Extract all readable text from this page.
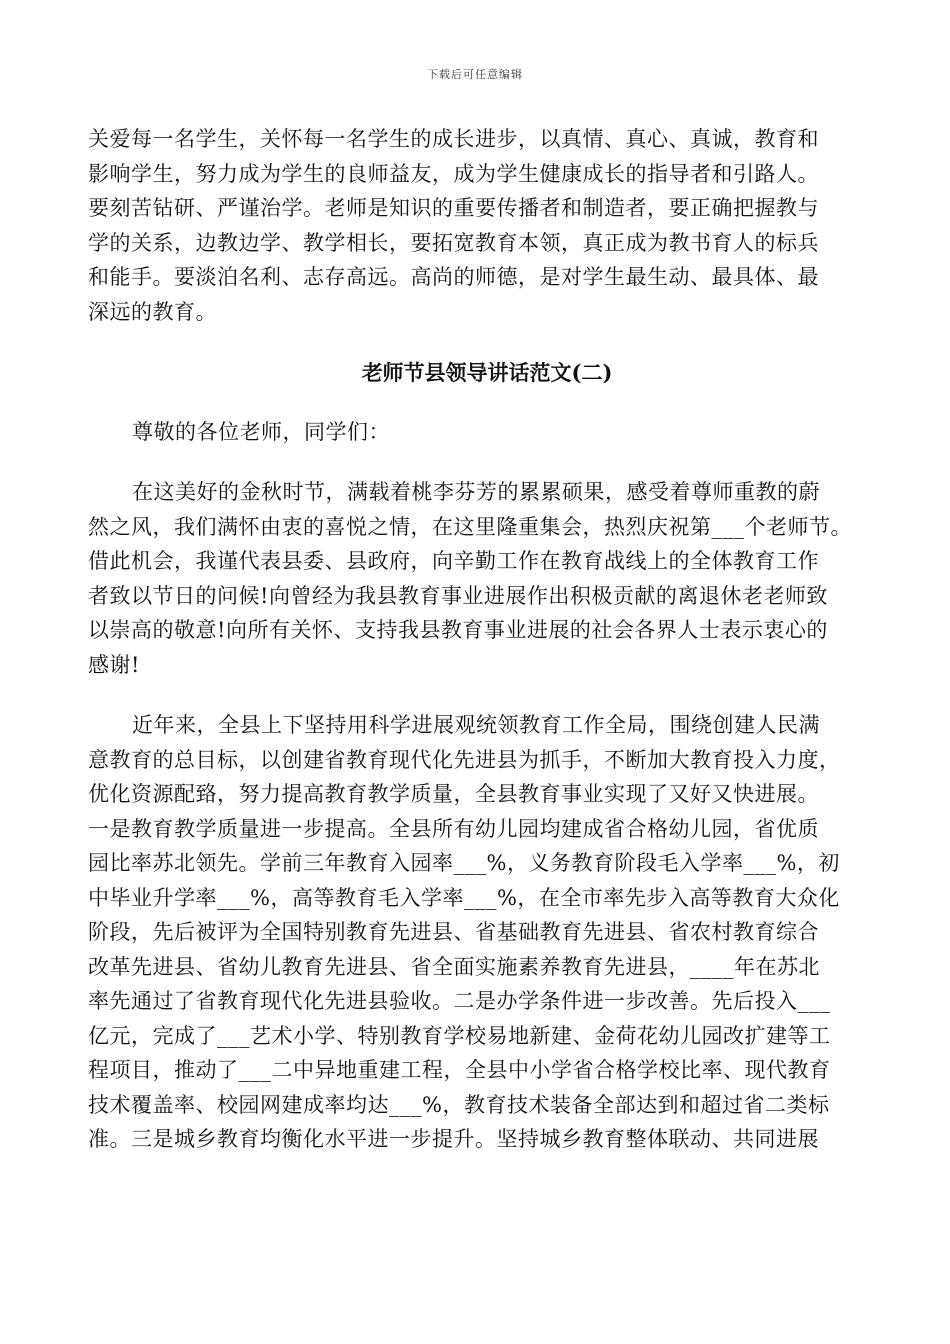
下载后可任意编辑
关爱每一名学生，关怀每一名学生的成长进步，以真情、真心、真诚，教育和
影响学生，努力成为学生的良师益友，成为学生健康成长的指导者和引路人。
要刻苦钻研、严谨治学。老师是知识的重要传播者和制造者，要正确把握教与
学的关系，边教边学、教学相长，要拓宽教育本领，真正成为教书育人的标兵
和能手。要淡泊名利、志存高远。高尚的师德，是对学生最生动、最具体、最
深远的教育。
老师节县领导讲话范文(二)
尊敬的各位老师，同学们：
在这美好的金秋时节，满载着桃李芬芳的累累硕果，感受着尊师重教的蔚
然之风，我们满怀由衷的喜悦之情，在这里隆重集会，热烈庆祝第___个老师节。
借此机会，我谨代表县委、县政府，向辛勤工作在教育战线上的全体教育工作
者致以节日的问候!向曾经为我县教育事业进展作出积极贡献的离退休老老师致
以崇高的敬意!向所有关怀、支持我县教育事业进展的社会各界人士表示衷心的
感谢!
近年来，全县上下坚持用科学进展观统领教育工作全局，围绕创建人民满
意教育的总目标，以创建省教育现代化先进县为抓手，不断加大教育投入力度，
优化资源配臵，努力提高教育教学质量，全县教育事业实现了又好又快进展。
一是教育教学质量进一步提高。全县所有幼儿园均建成省合格幼儿园，省优质
园比率苏北领先。学前三年教育入园率___%，义务教育阶段毛入学率___%，初
中毕业升学率___%，高等教育毛入学率___%，在全市率先步入高等教育大众化
阶段，先后被评为全国特别教育先进县、省基础教育先进县、省农村教育综合
改革先进县、省幼儿教育先进县、省全面实施素养教育先进县，____年在苏北
率先通过了省教育现代化先进县验收。二是办学条件进一步改善。先后投入___
亿元，完成了___艺术小学、特别教育学校易地新建、金荷花幼儿园改扩建等工
程项目，推动了___二中异地重建工程，全县中小学省合格学校比率、现代教育
技术覆盖率、校园网建成率均达___%，教育技术装备全部达到和超过省二类标
准。三是城乡教育均衡化水平进一步提升。坚持城乡教育整体联动、共同进展
